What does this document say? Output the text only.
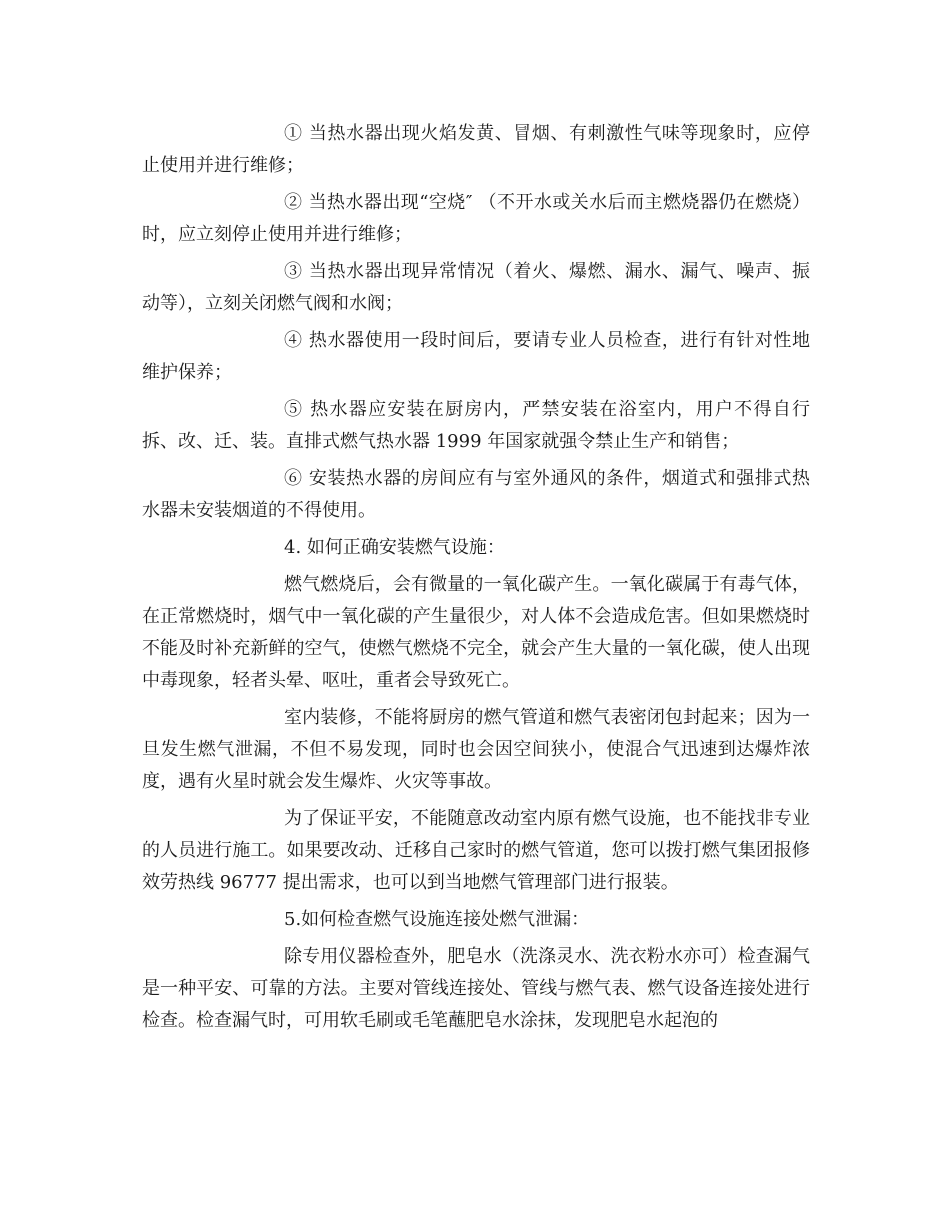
① 当热水器出现火焰发黄、冒烟、有刺激性气味等现象时，应停止使用并进行维修；

② 当热水器出现“空烧″ （不开水或关水后而主燃烧器仍在燃烧）时，应立刻停止使用并进行维修；

③ 当热水器出现异常情况（着火、爆燃、漏水、漏气、噪声、振动等），立刻关闭燃气阀和水阀；

④ 热水器使用一段时间后，要请专业人员检查，进行有针对性地维护保养；

⑤ 热水器应安装在厨房内，严禁安装在浴室内，用户不得自行拆、改、迁、装。直排式燃气热水器 1999 年国家就强令禁止生产和销售；

⑥ 安装热水器的房间应有与室外通风的条件，烟道式和强排式热水器未安装烟道的不得使用。

4. 如何正确安装燃气设施：

燃气燃烧后，会有微量的一氧化碳产生。一氧化碳属于有毒气体，在正常燃烧时，烟气中一氧化碳的产生量很少，对人体不会造成危害。但如果燃烧时不能及时补充新鲜的空气，使燃气燃烧不完全，就会产生大量的一氧化碳，使人出现中毒现象，轻者头晕、呕吐，重者会导致死亡。

室内装修，不能将厨房的燃气管道和燃气表密闭包封起来；因为一旦发生燃气泄漏，不但不易发现，同时也会因空间狭小，使混合气迅速到达爆炸浓度，遇有火星时就会发生爆炸、火灾等事故。

为了保证平安，不能随意改动室内原有燃气设施，也不能找非专业的人员进行施工。如果要改动、迁移自己家时的燃气管道，您可以拨打燃气集团报修效劳热线 96777 提出需求，也可以到当地燃气管理部门进行报装。

5.如何检查燃气设施连接处燃气泄漏：

除专用仪器检查外，肥皂水（洗涤灵水、洗衣粉水亦可）检查漏气是一种平安、可靠的方法。主要对管线连接处、管线与燃气表、燃气设备连接处进行检查。检查漏气时，可用软毛刷或毛笔蘸肥皂水涂抹，发现肥皂水起泡的
